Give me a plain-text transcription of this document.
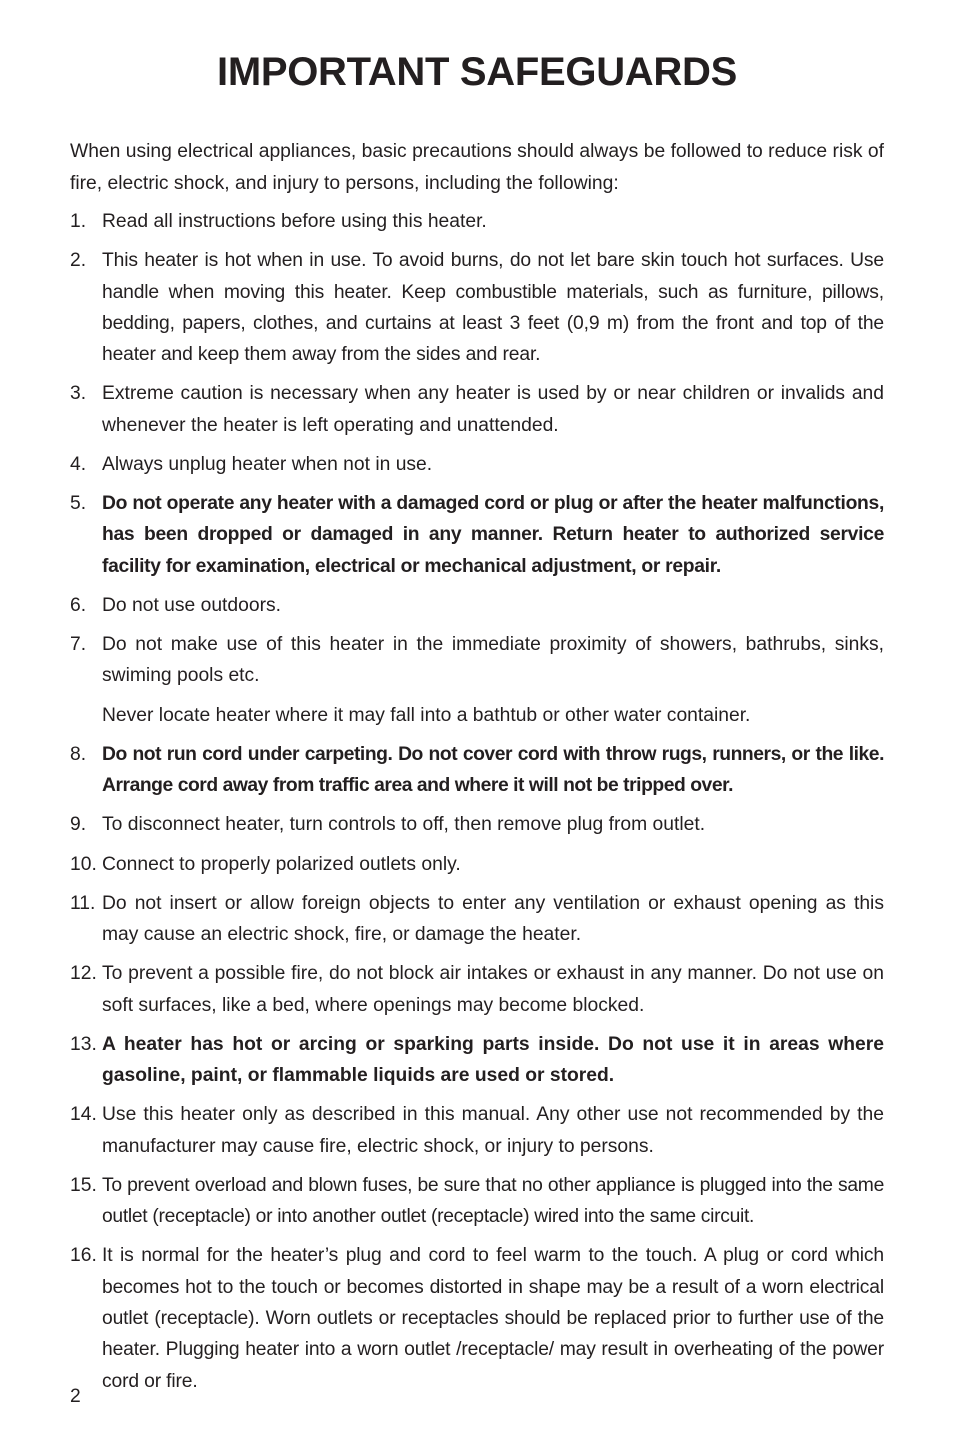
IMPORTANT SAFEGUARDS

When using electrical appliances, basic precautions should always be followed to reduce risk of fire, electric shock, and injury to persons, including the following:

1. Read all instructions before using this heater.
2. This heater is hot when in use. To avoid burns, do not let bare skin touch hot surfaces. Use handle when moving this heater. Keep combustible materials, such as furniture, pillows, bedding, papers, clothes, and curtains at least 3 feet (0,9 m) from the front and top of the heater and keep them away from the sides and rear.
3. Extreme caution is necessary when any heater is used by or near children or invalids and whenever the heater is left operating and unattended.
4. Always unplug heater when not in use.
5. Do not operate any heater with a damaged cord or plug or after the heater malfunctions, has been dropped or damaged in any manner. Return heater to authorized service facility for examination, electrical or mechanical adjustment, or repair.
6. Do not use outdoors.
7. Do not make use of this heater in the immediate proximity of showers, bathrubs, sinks, swiming pools etc.
Never locate heater where it may fall into a bathtub or other water container.
8. Do not run cord under carpeting. Do not cover cord with throw rugs, runners, or the like. Arrange cord away from traffic area and where it will not be tripped over.
9. To disconnect heater, turn controls to off, then remove plug from outlet.
10. Connect to properly polarized outlets only.
11. Do not insert or allow foreign objects to enter any ventilation or exhaust opening as this may cause an electric shock, fire, or damage the heater.
12. To prevent a possible fire, do not block air intakes or exhaust in any manner. Do not use on soft surfaces, like a bed, where openings may become blocked.
13. A heater has hot or arcing or sparking parts inside. Do not use it in areas where gasoline, paint, or flammable liquids are used or stored.
14. Use this heater only as described in this manual. Any other use not recommended by the manufacturer may cause fire, electric shock, or injury to persons.
15. To prevent overload and blown fuses, be sure that no other appliance is plugged into the same outlet (receptacle) or into another outlet (receptacle) wired into the same circuit.
16. It is normal for the heater’s plug and cord to feel warm to the touch. A plug or cord which becomes hot to the touch or becomes distorted in shape may be a result of a worn electrical outlet (receptacle). Worn outlets or receptacles should be replaced prior to further use of the heater. Plugging heater into a worn outlet /receptacle/ may result in overheating of the power cord or fire.
2
